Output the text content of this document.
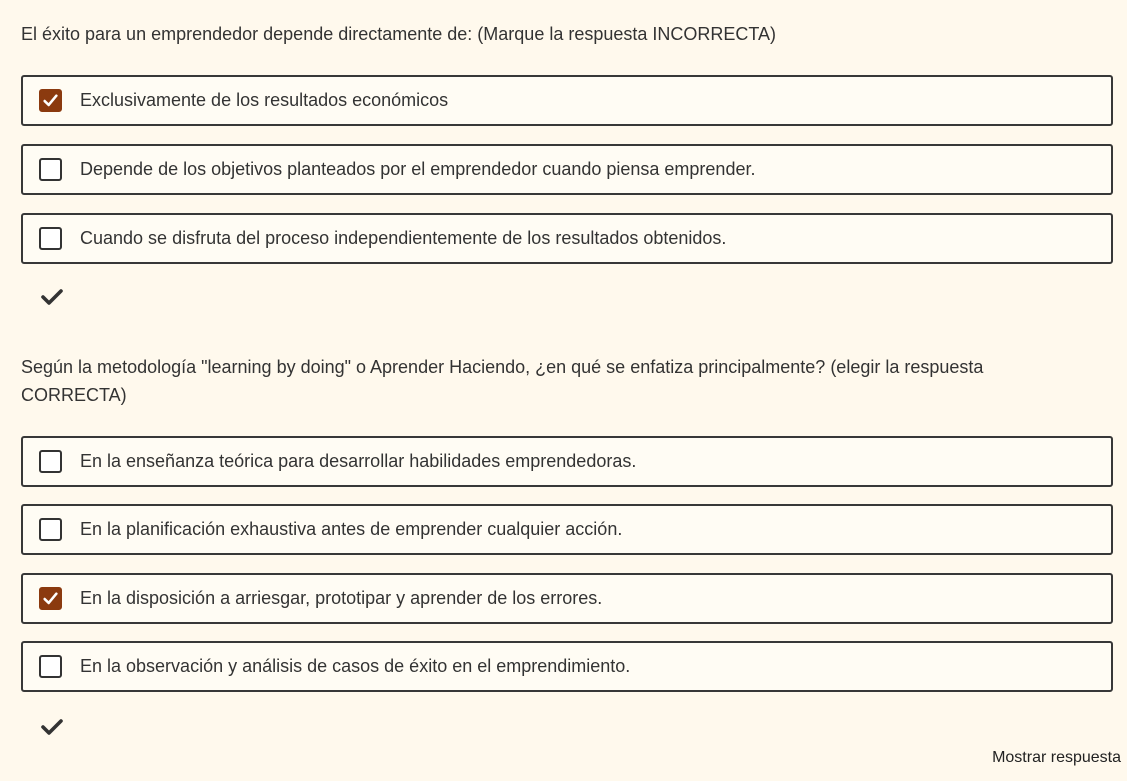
El éxito para un emprendedor depende directamente de: (Marque la respuesta INCORRECTA)

Exclusivamente de los resultados económicos
Depende de los objetivos planteados por el emprendedor cuando piensa emprender.
Cuando se disfruta del proceso independientemente de los resultados obtenidos.

Según la metodología "learning by doing" o Aprender Haciendo, ¿en qué se enfatiza principalmente? (elegir la respuesta
CORRECTA)

En la enseñanza teórica para desarrollar habilidades emprendedoras.
En la planificación exhaustiva antes de emprender cualquier acción.
En la disposición a arriesgar, prototipar y aprender de los errores.
En la observación y análisis de casos de éxito en el emprendimiento.
Mostrar respuesta
